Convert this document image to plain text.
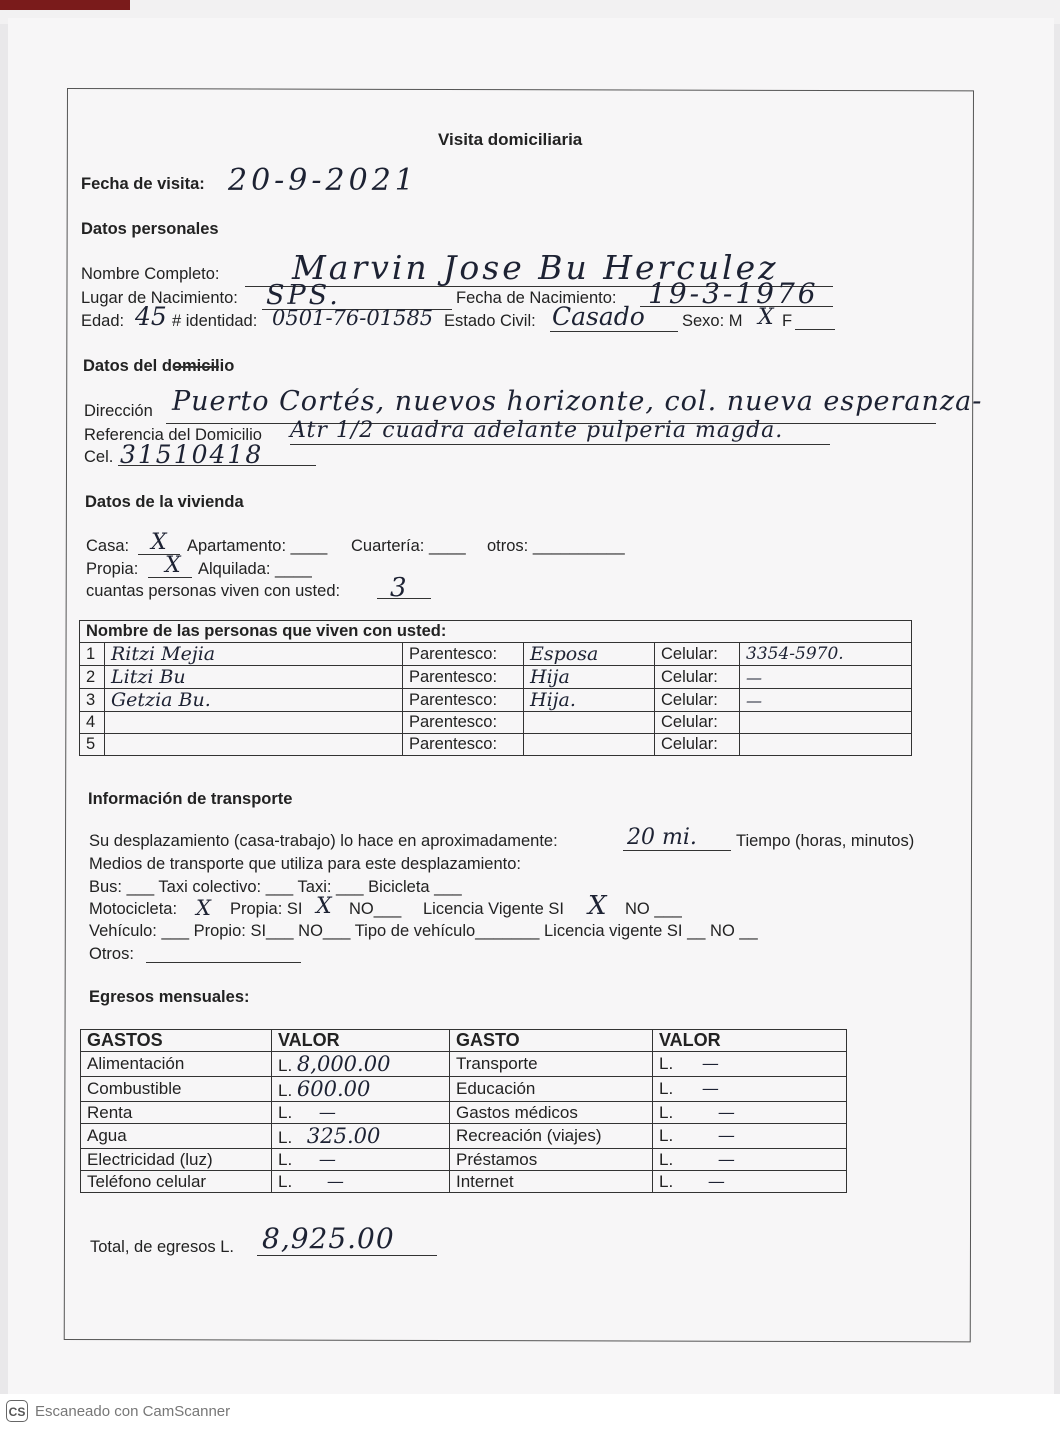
Visita domiciliaria
Fecha de visita: 20-9-2021
Datos personales
Nombre Completo: Marvin Jose Bu Herculez
Lugar de Nacimiento: SPS.	Fecha de Nacimiento: 19-3-1976
Edad: 45 # identidad: 0501-76-01585 Estado Civil: Casado Sexo: M X F
Datos del domicilio
Dirección Puerto Cortés, nuevos horizonte, col. nueva esperanza-
Referencia del Domicilio Atr 1/2 cuadra adelante pulperia magda.
Cel. 31510418
Datos de la vivienda
Casa: X Apartamento: ____ Cuartería: ____ otros: __________
Propia: X Alquilada: ____
cuantas personas viven con usted: 3
Nombre de las personas que viven con usted:					
1	Ritzi Mejia	Parentesco:	Esposa	Celular:	3354-5970.
2	Litzi Bu	Parentesco:	Hija	Celular:	—
3	Getzia Bu.	Parentesco:	Hija.	Celular:	—
4		Parentesco:		Celular:	
5		Parentesco:		Celular:	
Información de transporte
Su desplazamiento (casa-trabajo) lo hace en aproximadamente:	20 mi. Tiempo (horas, minutos)
Medios de transporte que utiliza para este desplazamiento:
Bus: ___ Taxi colectivo: ___ Taxi: ___ Bicicleta ___
Motocicleta: X Propia: SI X NO___ Licencia Vigente SI X NO ___
Vehículo: ___ Propio: SI___ NO___ Tipo de vehículo_______ Licencia vigente SI __ NO __
Otros:
Egresos mensuales:
GASTOS	VALOR	GASTO	VALOR
Alimentación	L. 8,000.00	Transporte	L. —
Combustible	L. 600.00	Educación	L. —
Renta	L. —	Gastos médicos	L. —
Agua	L. 325.00	Recreación (viajes)	L. —
Electricidad (luz)	L. —	Préstamos	L. —
Teléfono celular	L. —	Internet	L. —
Total, de egresos L. 8,925.00
CS Escaneado con CamScanner
